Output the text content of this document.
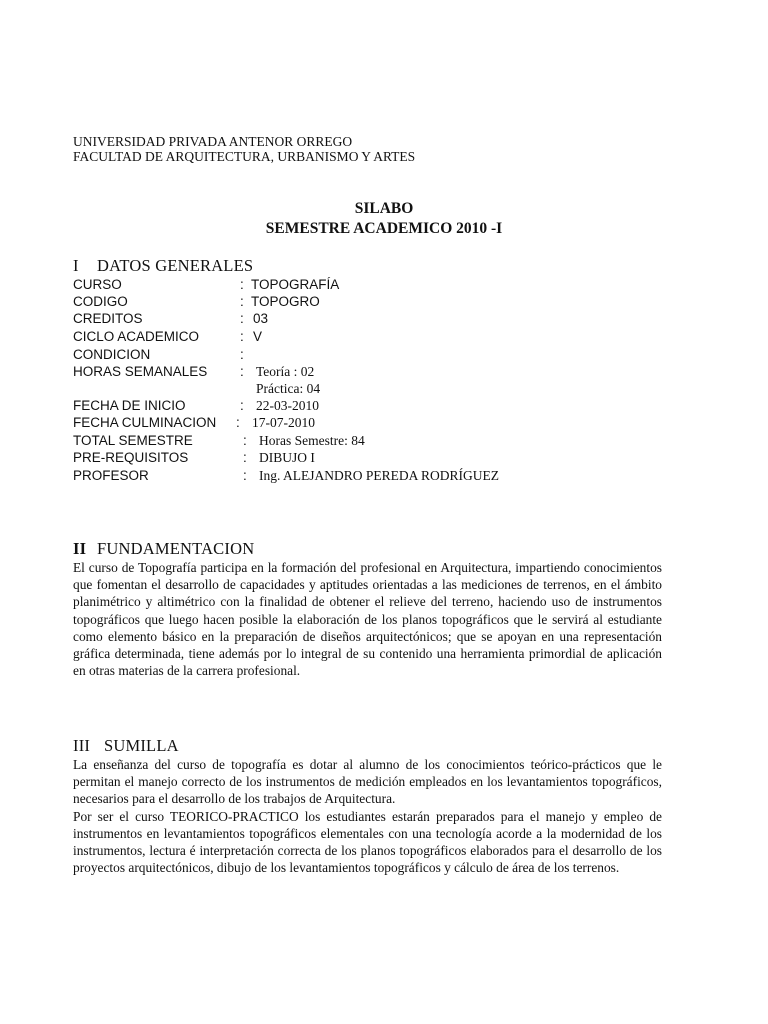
UNIVERSIDAD PRIVADA ANTENOR ORREGO
FACULTAD DE ARQUITECTURA, URBANISMO Y ARTES
SILABO
SEMESTRE ACADEMICO 2010 -I
I DATOS GENERALES
CURSO	: TOPOGRAFÍA
CODIGO	: TOPOGRO
CREDITOS	: 03
CICLO ACADEMICO	: V
CONDICION	:
HORAS SEMANALES : Teoría : 02
Práctica: 04
FECHA DE INICIO	: 22-03-2010
FECHA CULMINACION : 17-07-2010
TOTAL SEMESTRE	: Horas Semestre: 84
PRE-REQUISITOS	: DIBUJO I
PROFESOR	: Ing. ALEJANDRO PEREDA RODRÍGUEZ
II FUNDAMENTACION

El curso de Topografía participa en la formación del profesional en Arquitectura, impartiendo conocimientos que fomentan el desarrollo de capacidades y aptitudes orientadas a las mediciones de terrenos, en el ámbito planimétrico y altimétrico con la finalidad de obtener el relieve del terreno, haciendo uso de instrumentos topográficos que luego hacen posible la elaboración de los planos topográficos que le servirá al estudiante como elemento básico en la preparación de diseños arquitectónicos; que se apoyan en una representación gráfica determinada, tiene además por lo integral de su contenido una herramienta primordial de aplicación en otras materias de la carrera profesional.

III SUMILLA

La enseñanza del curso de topografía es dotar al alumno de los conocimientos teórico-prácticos que le permitan el manejo correcto de los instrumentos de medición empleados en los levantamientos topográficos, necesarios para el desarrollo de los trabajos de Arquitectura.

Por ser el curso TEORICO-PRACTICO los estudiantes estarán preparados para el manejo y empleo de instrumentos en levantamientos topográficos elementales con una tecnología acorde a la modernidad de los instrumentos, lectura é interpretación correcta de los planos topográficos elaborados para el desarrollo de los proyectos arquitectónicos, dibujo de los levantamientos topográficos y cálculo de área de los terrenos.
